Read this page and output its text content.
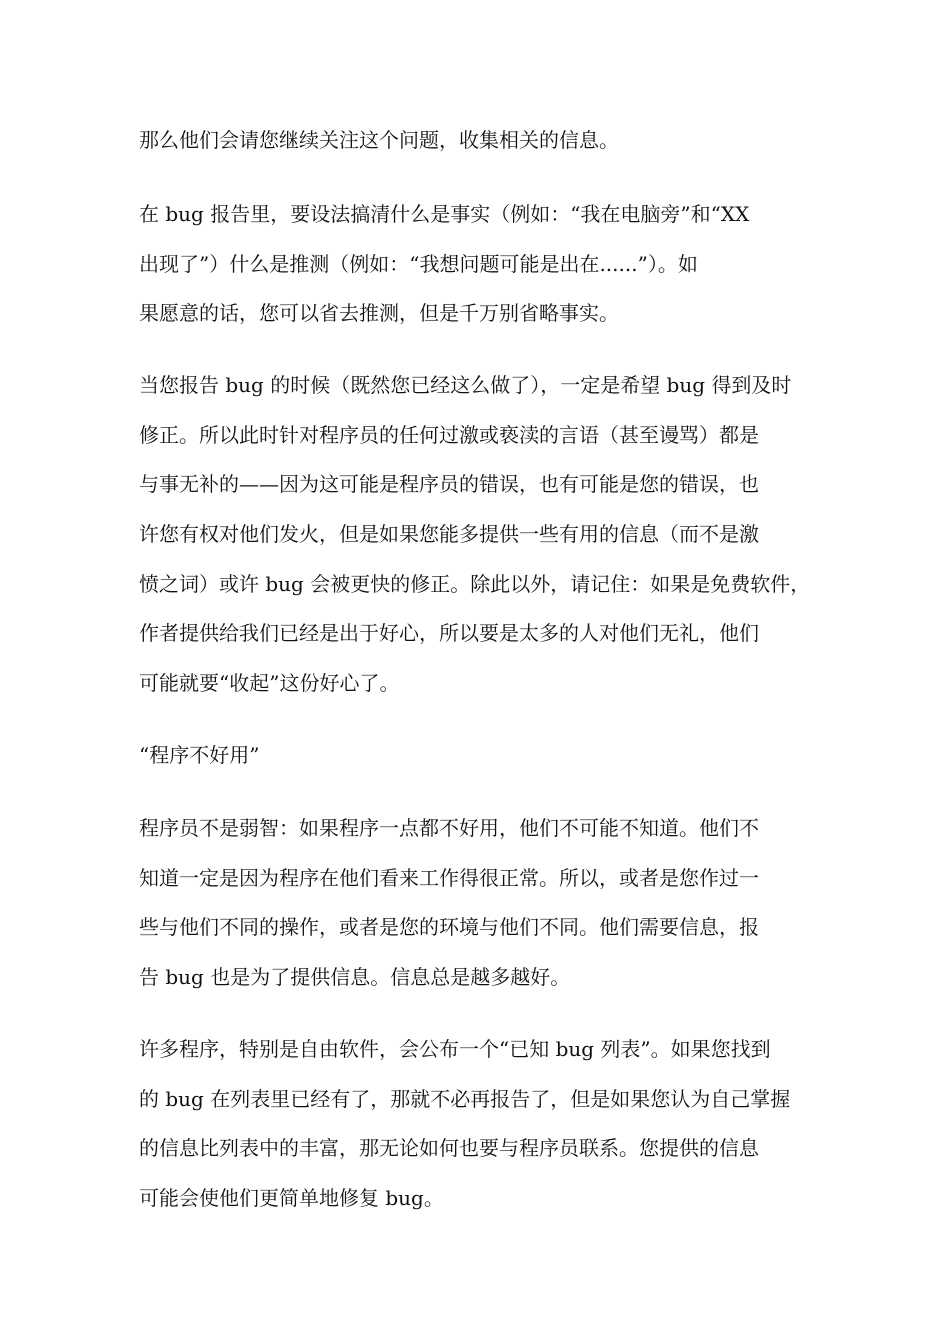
那么他们会请您继续关注这个问题，收集相关的信息。

在 bug 报告里，要设法搞清什么是事实（例如：“我在电脑旁”和“XX

出现了”）什么是推测（例如：“我想问题可能是出在......”）。如

果愿意的话，您可以省去推测，但是千万别省略事实。

当您报告 bug 的时候（既然您已经这么做了），一定是希望 bug 得到及时

修正。所以此时针对程序员的任何过激或亵渎的言语（甚至谩骂）都是

与事无补的——因为这可能是程序员的错误，也有可能是您的错误，也

许您有权对他们发火，但是如果您能多提供一些有用的信息（而不是激

愤之词）或许 bug 会被更快的修正。除此以外，请记住：如果是免费软件，

作者提供给我们已经是出于好心，所以要是太多的人对他们无礼，他们

可能就要“收起”这份好心了。

“程序不好用”

程序员不是弱智：如果程序一点都不好用，他们不可能不知道。他们不

知道一定是因为程序在他们看来工作得很正常。所以，或者是您作过一

些与他们不同的操作，或者是您的环境与他们不同。他们需要信息，报

告 bug 也是为了提供信息。信息总是越多越好。

许多程序，特别是自由软件，会公布一个“已知 bug 列表”。如果您找到

的 bug 在列表里已经有了，那就不必再报告了，但是如果您认为自己掌握

的信息比列表中的丰富，那无论如何也要与程序员联系。您提供的信息

可能会使他们更简单地修复 bug。
